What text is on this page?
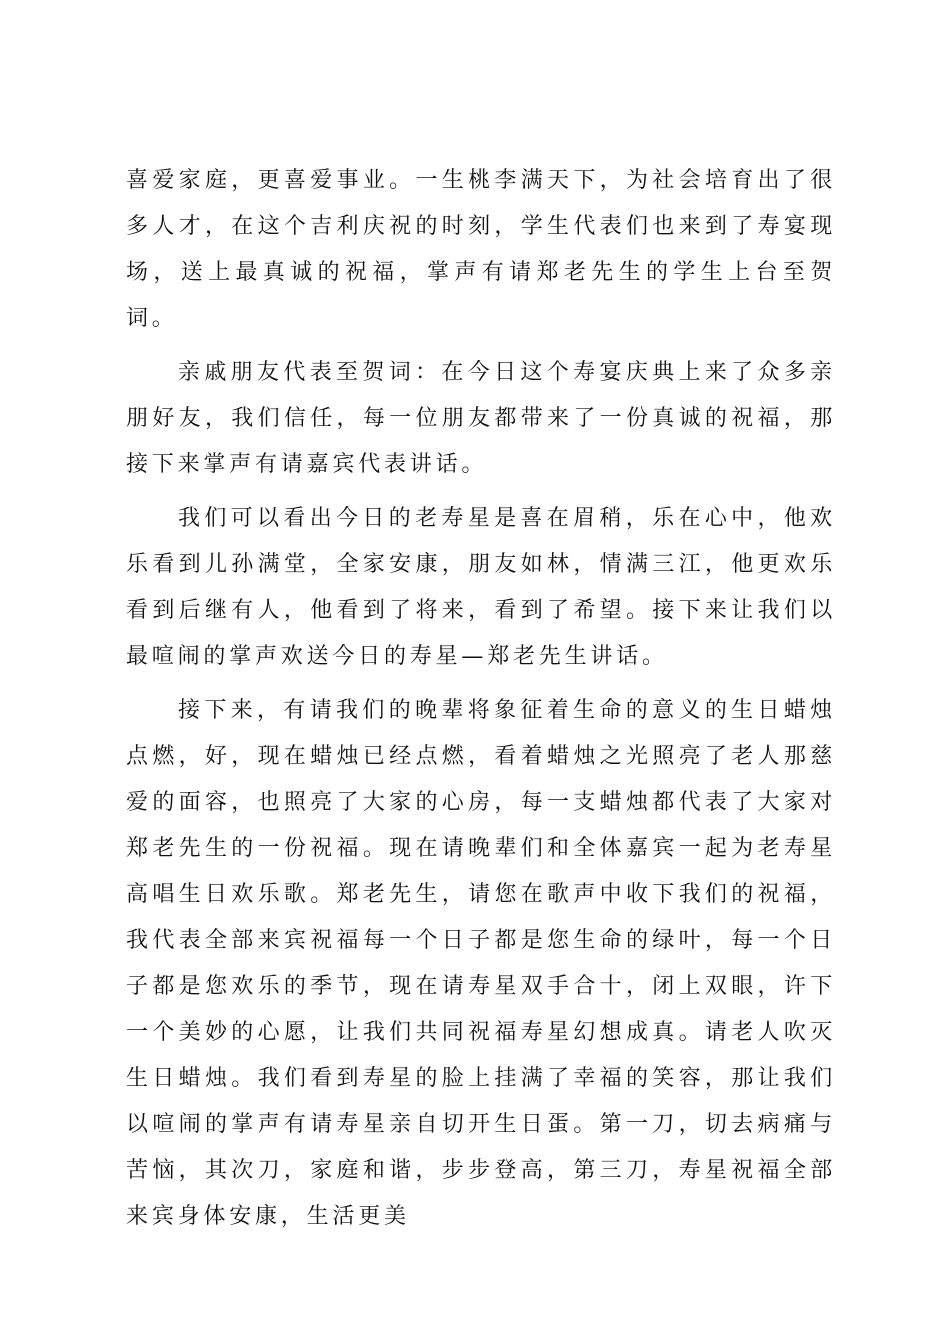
喜爱家庭，更喜爱事业。一生桃李满天下，为社会培育出了很多人才，在这个吉利庆祝的时刻，学生代表们也来到了寿宴现场，送上最真诚的祝福，掌声有请郑老先生的学生上台至贺词。

亲戚朋友代表至贺词：在今日这个寿宴庆典上来了众多亲朋好友，我们信任，每一位朋友都带来了一份真诚的祝福，那接下来掌声有请嘉宾代表讲话。

我们可以看出今日的老寿星是喜在眉稍，乐在心中，他欢乐看到儿孙满堂，全家安康，朋友如林，情满三江，他更欢乐看到后继有人，他看到了将来，看到了希望。接下来让我们以最喧闹的掌声欢送今日的寿星—郑老先生讲话。

接下来，有请我们的晚辈将象征着生命的意义的生日蜡烛点燃，好，现在蜡烛已经点燃，看着蜡烛之光照亮了老人那慈爱的面容，也照亮了大家的心房，每一支蜡烛都代表了大家对郑老先生的一份祝福。现在请晚辈们和全体嘉宾一起为老寿星高唱生日欢乐歌。郑老先生，请您在歌声中收下我们的祝福，我代表全部来宾祝福每一个日子都是您生命的绿叶，每一个日子都是您欢乐的季节，现在请寿星双手合十，闭上双眼，许下一个美妙的心愿，让我们共同祝福寿星幻想成真。请老人吹灭生日蜡烛。我们看到寿星的脸上挂满了幸福的笑容，那让我们以喧闹的掌声有请寿星亲自切开生日蛋。第一刀，切去病痛与苦恼，其次刀，家庭和谐，步步登高，第三刀，寿星祝福全部来宾身体安康，生活更美
